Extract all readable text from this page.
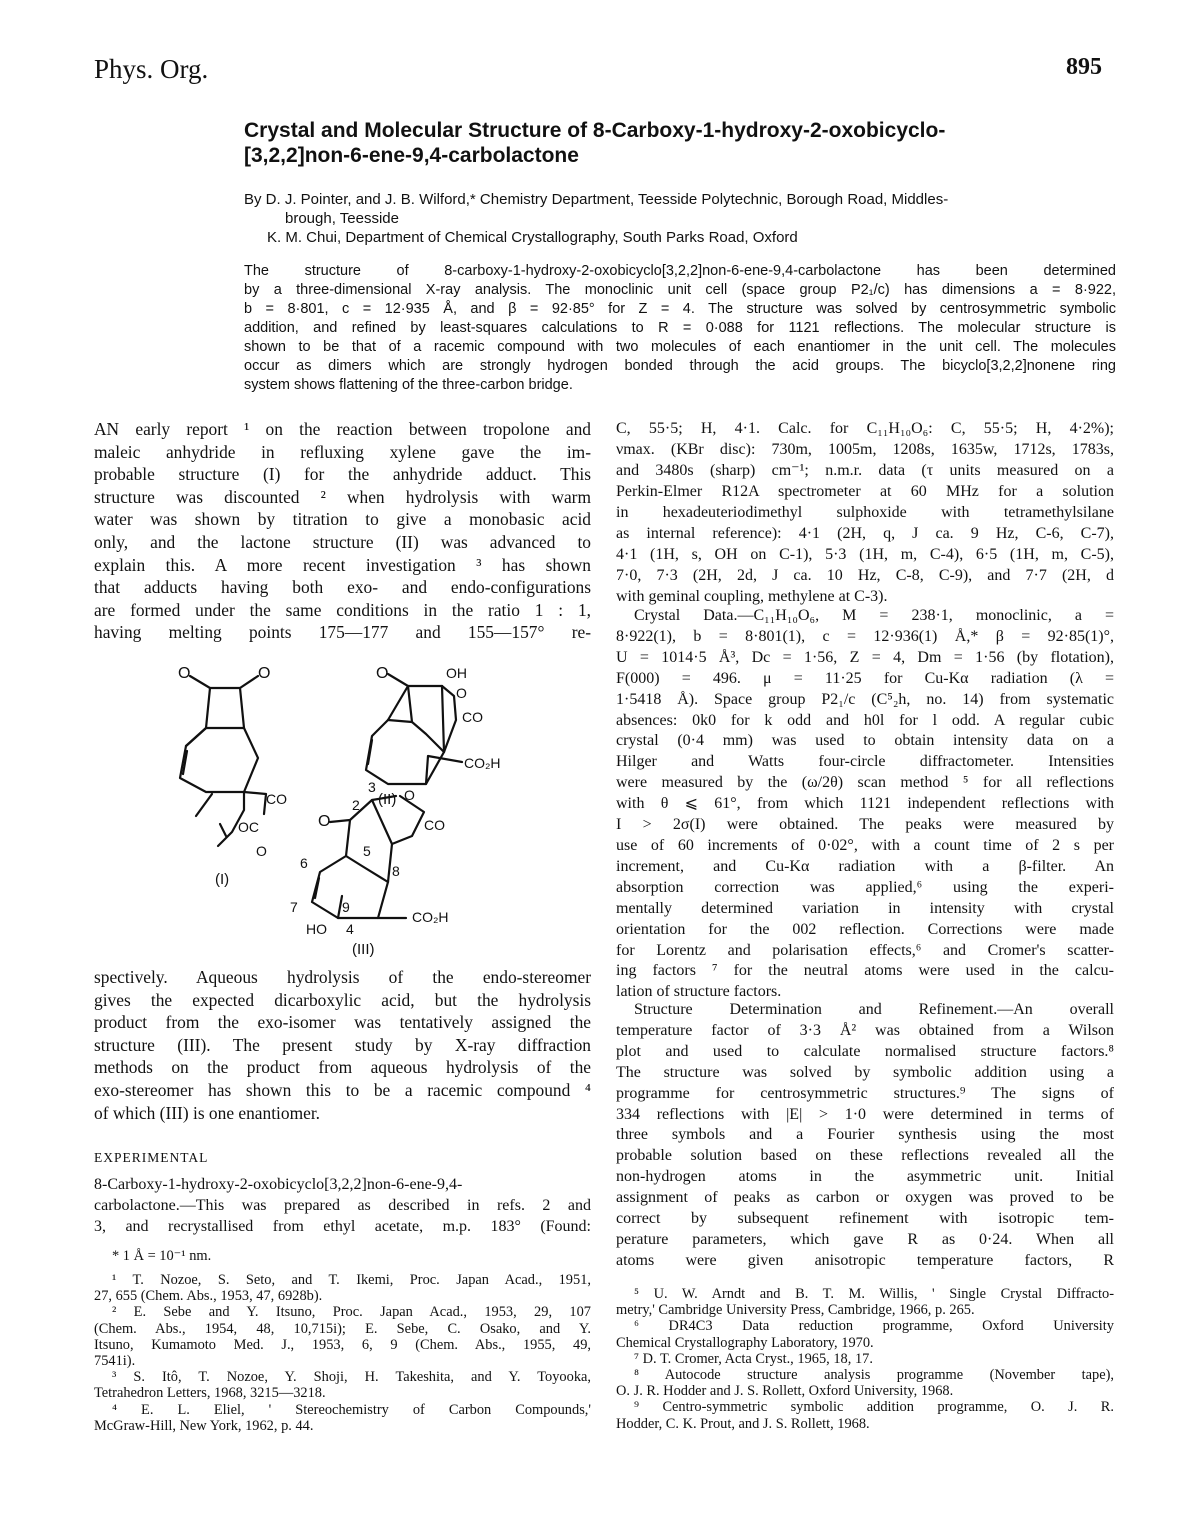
Phys. Org.	895
Crystal and Molecular Structure of 8-Carboxy-1-hydroxy-2-oxobicyclo-
[3,2,2]non-6-ene-9,4-carbolactone
By D. J. Pointer, and J. B. Wilford,* Chemistry Department, Teesside Polytechnic, Borough Road, Middles-
brough, Teesside
K. M. Chui, Department of Chemical Crystallography, South Parks Road, Oxford
The structure of 8-carboxy-1-hydroxy-2-oxobicyclo[3,2,2]non-6-ene-9,4-carbolactone has been determined
by a three-dimensional X-ray analysis. The monoclinic unit cell (space group P2₁/c) has dimensions a = 8·922,
b = 8·801, c = 12·935 Å, and β = 92·85° for Z = 4. The structure was solved by centrosymmetric symbolic
addition, and refined by least-squares calculations to R = 0·088 for 1121 reflections. The molecular structure is
shown to be that of a racemic compound with two molecules of each enantiomer in the unit cell. The molecules
occur as dimers which are strongly hydrogen bonded through the acid groups. The bicyclo[3,2,2]nonene ring
system shows flattening of the three-carbon bridge.
AN early report ¹ on the reaction between tropolone and
maleic anhydride in refluxing xylene gave the im-
probable structure (I) for the anhydride adduct. This
structure was discounted ² when hydrolysis with warm
water was shown by titration to give a monobasic acid
only, and the lactone structure (II) was advanced to
explain this. A more recent investigation ³ has shown
that adducts having both exo- and endo-configurations
are formed under the same conditions in the ratio 1 : 1,
having melting points 175—177 and 155—157° re-
O	O
CO
OC
O
(I)
O	OH
O
CO
CO₂H
(II)
O
2
3 O
CO
5
6
7
8
9
CO₂H
HO 4
(III)
spectively. Aqueous hydrolysis of the endo-stereomer
gives the expected dicarboxylic acid, but the hydrolysis
product from the exo-isomer was tentatively assigned the
structure (III). The present study by X-ray diffraction
methods on the product from aqueous hydrolysis of the
exo-stereomer has shown this to be a racemic compound ⁴
of which (III) is one enantiomer.
EXPERIMENTAL
8-Carboxy-1-hydroxy-2-oxobicyclo[3,2,2]non-6-ene-9,4-
carbolactone.—This was prepared as described in refs. 2 and
3, and recrystallised from ethyl acetate, m.p. 183° (Found:
* 1 Å = 10⁻¹ nm.
¹ T. Nozoe, S. Seto, and T. Ikemi, Proc. Japan Acad., 1951,
27, 655 (Chem. Abs., 1953, 47, 6928b).
² E. Sebe and Y. Itsuno, Proc. Japan Acad., 1953, 29, 107
(Chem. Abs., 1954, 48, 10,715i); E. Sebe, C. Osako, and Y.
Itsuno, Kumamoto Med. J., 1953, 6, 9 (Chem. Abs., 1955, 49,
7541i).
³ S. Itô, T. Nozoe, Y. Shoji, H. Takeshita, and Y. Toyooka,
Tetrahedron Letters, 1968, 3215—3218.
⁴ E. L. Eliel, ' Stereochemistry of Carbon Compounds,'
McGraw-Hill, New York, 1962, p. 44.
C, 55·5; H, 4·1. Calc. for C₁₁H₁₀O₆: C, 55·5; H, 4·2%);
νmax. (KBr disc): 730m, 1005m, 1208s, 1635w, 1712s, 1783s,
and 3480s (sharp) cm⁻¹; n.m.r. data (τ units measured on a
Perkin-Elmer R12A spectrometer at 60 MHz for a solution
in hexadeuteriodimethyl sulphoxide with tetramethylsilane
as internal reference): 4·1 (2H, q, J ca. 9 Hz, C-6, C-7),
4·1 (1H, s, OH on C-1), 5·3 (1H, m, C-4), 6·5 (1H, m, C-5),
7·0, 7·3 (2H, 2d, J ca. 10 Hz, C-8, C-9), and 7·7 (2H, d
with geminal coupling, methylene at C-3).
Crystal Data.—C₁₁H₁₀O₆, M = 238·1, monoclinic, a =
8·922(1), b = 8·801(1), c = 12·936(1) Å,* β = 92·85(1)°,
U = 1014·5 Å³, Dc = 1·56, Z = 4, Dm = 1·56 (by flotation),
F(000) = 496. μ = 11·25 for Cu-Kα radiation (λ =
1·5418 Å). Space group P2₁/c (C⁵₂h, no. 14) from systematic
absences: 0k0 for k odd and h0l for l odd. A regular cubic
crystal (0·4 mm) was used to obtain intensity data on a
Hilger and Watts four-circle diffractometer. Intensities
were measured by the (ω/2θ) scan method ⁵ for all reflections
with θ ⩽ 61°, from which 1121 independent reflections with
I > 2σ(I) were obtained. The peaks were measured by
use of 60 increments of 0·02°, with a count time of 2 s per
increment, and Cu-Kα radiation with a β-filter. An
absorption correction was applied,⁶ using the experi-
mentally determined variation in intensity with crystal
orientation for the 002 reflection. Corrections were made
for Lorentz and polarisation effects,⁶ and Cromer's scatter-
ing factors ⁷ for the neutral atoms were used in the calcu-
lation of structure factors.
Structure Determination and Refinement.—An overall
temperature factor of 3·3 Å² was obtained from a Wilson
plot and used to calculate normalised structure factors.⁸
The structure was solved by symbolic addition using a
programme for centrosymmetric structures.⁹ The signs of
334 reflections with |E| > 1·0 were determined in terms of
three symbols and a Fourier synthesis using the most
probable solution based on these reflections revealed all the
non-hydrogen atoms in the asymmetric unit. Initial
assignment of peaks as carbon or oxygen was proved to be
correct by subsequent refinement with isotropic tem-
perature parameters, which gave R as 0·24. When all
atoms were given anisotropic temperature factors, R
⁵ U. W. Arndt and B. T. M. Willis, ' Single Crystal Diffracto-
metry,' Cambridge University Press, Cambridge, 1966, p. 265.
⁶ DR4C3 Data reduction programme, Oxford University
Chemical Crystallography Laboratory, 1970.
⁷ D. T. Cromer, Acta Cryst., 1965, 18, 17.
⁸ Autocode structure analysis programme (November tape),
O. J. R. Hodder and J. S. Rollett, Oxford University, 1968.
⁹ Centro-symmetric symbolic addition programme, O. J. R.
Hodder, C. K. Prout, and J. S. Rollett, 1968.
